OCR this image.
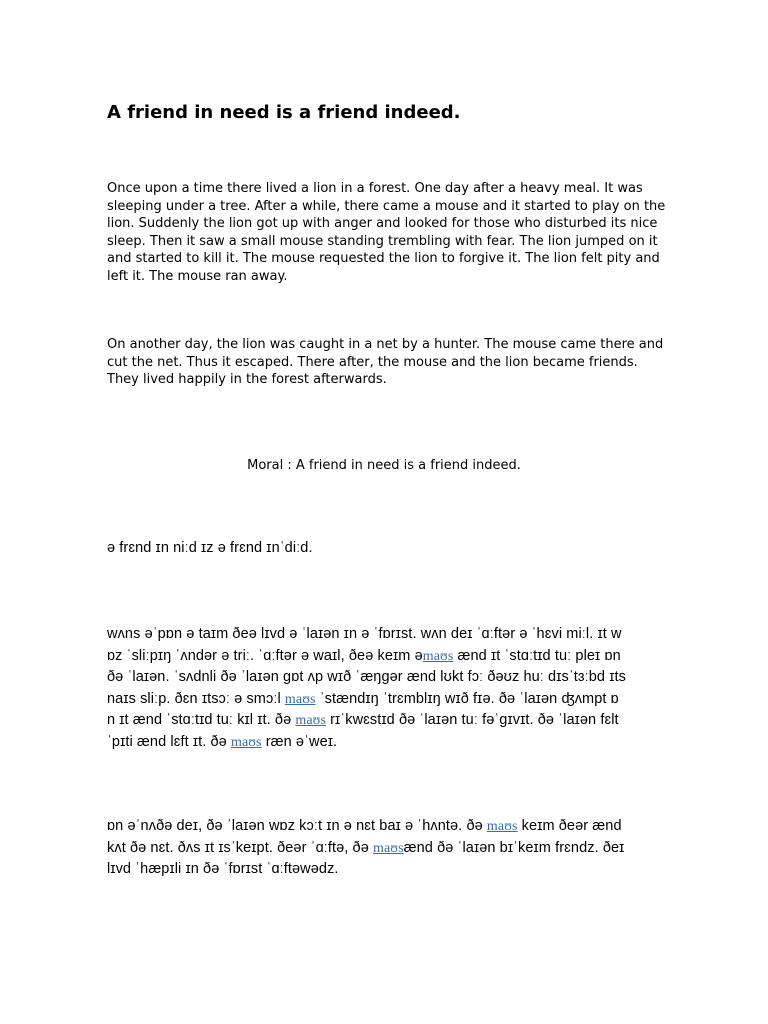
A friend in need is a friend indeed.

Once upon a time there lived a lion in a forest. One day after a heavy meal. It was sleeping under a tree. After a while, there came a mouse and it started to play on the lion. Suddenly the lion got up with anger and looked for those who disturbed its nice sleep. Then it saw a small mouse standing trembling with fear. The lion jumped on it and started to kill it. The mouse requested the lion to forgive it. The lion felt pity and left it. The mouse ran away.

On another day, the lion was caught in a net by a hunter. The mouse came there and cut the net. Thus it escaped. There after, the mouse and the lion became friends. They lived happily in the forest afterwards.

Moral : A friend in need is a friend indeed.
ə frɛnd ɪn niːd ɪz ə frɛnd ɪnˈdiːd.
wʌns əˈpɒn ə taɪm ðeə lɪvd ə ˈlaɪən ɪn ə ˈfɒrɪst. wʌn deɪ ˈɑːftər ə ˈhɛvi miːl. ɪt w
ɒz ˈsliːpɪŋ ˈʌndər ə triː. ˈɑːftər ə waɪl, ðeə keɪm əmaʊs ænd ɪt ˈstɑːtɪd tuː pleɪ ɒn
ðə ˈlaɪən. ˈsʌdnli ðə ˈlaɪən gɒt ʌp wɪð ˈæŋgər ænd lʊkt fɔː ðəʊz huː dɪsˈtɜːbd ɪts
naɪs sliːp. ðɛn ɪtsɔː ə smɔːl maʊs ˈstændɪŋ ˈtrɛmblɪŋ wɪð fɪə. ðə ˈlaɪən ʤʌmpt ɒ
n ɪt ænd ˈstɑːtɪd tuː kɪl ɪt. ðə maʊs rɪˈkwɛstɪd ðə ˈlaɪən tuː fəˈgɪvɪt. ðə ˈlaɪən fɛlt
ˈpɪti ænd lɛft ɪt. ðə maʊs ræn əˈweɪ.
ɒn əˈnʌðə deɪ, ðə ˈlaɪən wɒz kɔːt ɪn ə nɛt baɪ ə ˈhʌntə. ðə maʊs keɪm ðeər ænd
kʌt ðə nɛt. ðʌs ɪt ɪsˈkeɪpt. ðeər ˈɑːftə, ðə maʊsænd ðə ˈlaɪən bɪˈkeɪm frɛndz. ðeɪ
lɪvd ˈhæpɪli ɪn ðə ˈfɒrɪst ˈɑːftəwədz.
